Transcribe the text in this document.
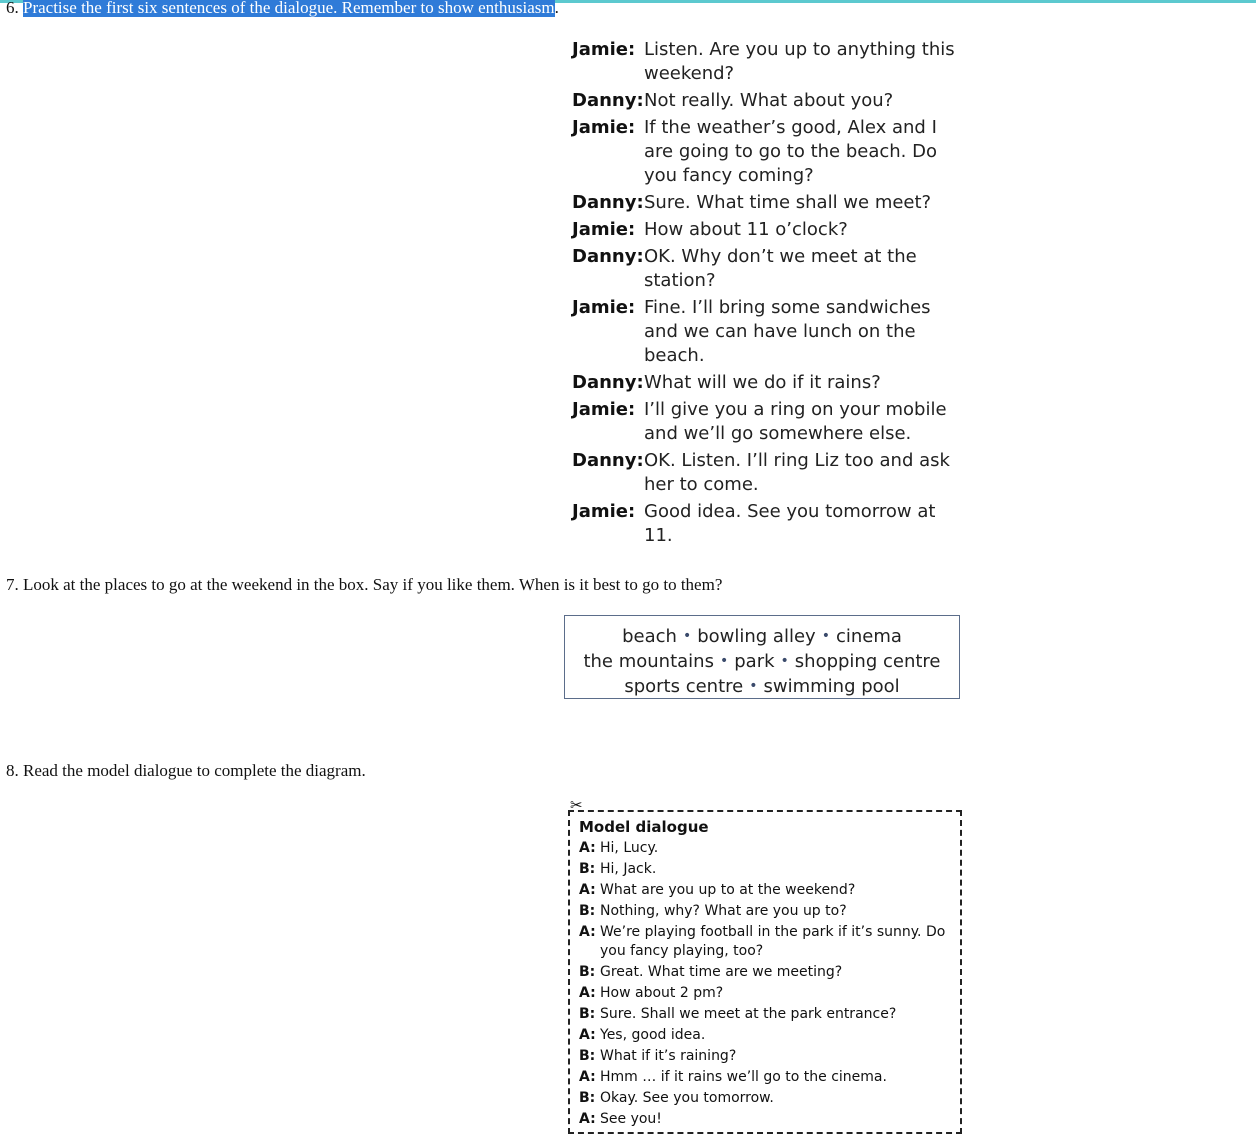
6. Practise the first six sentences of the dialogue. Remember to show enthusiasm.
Jamie: Listen. Are you up to anything this weekend?
Danny: Not really. What about you?
Jamie: If the weather’s good, Alex and I are going to go to the beach. Do you fancy coming?
Danny: Sure. What time shall we meet?
Jamie: How about 11 o’clock?
Danny: OK. Why don’t we meet at the station?
Jamie: Fine. I’ll bring some sandwiches and we can have lunch on the beach.
Danny: What will we do if it rains?
Jamie: I’ll give you a ring on your mobile and we’ll go somewhere else.
Danny: OK. Listen. I’ll ring Liz too and ask her to come.
Jamie: Good idea. See you tomorrow at 11.
7. Look at the places to go at the weekend in the box. Say if you like them. When is it best to go to them?
beach • bowling alley • cinema
the mountains • park • shopping centre
sports centre • swimming pool
8. Read the model dialogue to complete the diagram.
Model dialogue
A: Hi, Lucy.
B: Hi, Jack.
A: What are you up to at the weekend?
B: Nothing, why? What are you up to?
A: We’re playing football in the park if it’s sunny. Do you fancy playing, too?
B: Great. What time are we meeting?
A: How about 2 pm?
B: Sure. Shall we meet at the park entrance?
A: Yes, good idea.
B: What if it’s raining?
A: Hmm … if it rains we’ll go to the cinema.
B: Okay. See you tomorrow.
A: See you!
✂
